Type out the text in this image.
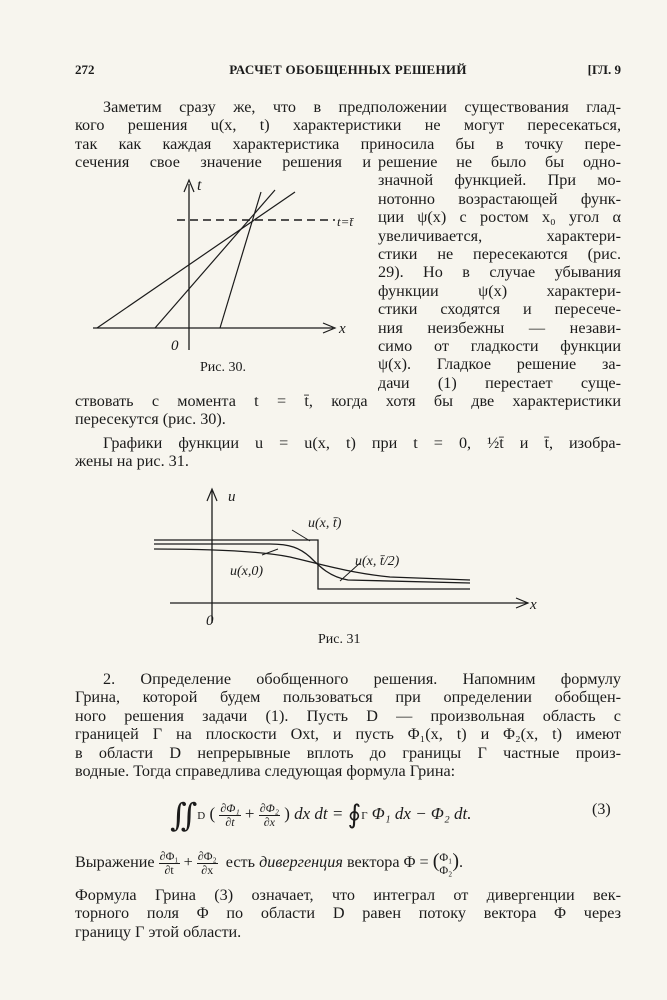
272	РАСЧЕТ ОБОБЩЕННЫХ РЕШЕНИЙ	[ГЛ. 9
Заметим сразу же, что в предположении существования глад-
кого решения u(x, t) характеристики не могут пересекаться,
так как каждая характеристика приносила бы в точку пере-
сечения свое значение решения и решение не было бы одно-
значной функцией. При мо-
нотонно возрастающей функ-
ции ψ(x) с ростом x₀ угол α
увеличивается, характери-
стики не пересекаются (рис.
29). Но в случае убывания
функции ψ(x) характери-
стики сходятся и пересече-
ния неизбежны — незави-
симо от гладкости функции
ψ(x). Гладкое решение за-
дачи (1) перестает суще-
ствовать с момента t = t̄, когда хотя бы две характеристики
пересекутся (рис. 30).
t
t=t̄
0
x
Рис. 30.
Графики функции u = u(x, t) при t = 0, ½t̄ и t̄, изобра-
жены на рис. 31.
u
u(x, t̄)
u(x, t̄/2)
u(x,0)
0
x
Рис. 31
2. Определение обобщенного решения. Напомним формулу
Грина, которой будем пользоваться при определении обобщен-
ного решения задачи (1). Пусть D — произвольная область с
границей Γ на плоскости Oxt, и пусть Φ₁(x, t) и Φ₂(x, t) имеют
в области D непрерывные вплоть до границы Γ частные произ-
водные. Тогда справедлива следующая формула Грина:
∬D ( $\frac{\text{∂Φ₁}}{\partial t} + \frac{\text{∂Φ₂}}{\partial x}$ ) dx dt = ∮Γ Φ₁ dx − Φ₂ dt.	(3)
Выражение $\frac{\text{∂Φ₁}}{\partial t} + \frac{\text{∂Φ₂}}{\partial x}$ есть дивергенция вектора Φ = ( Φ₁
Φ₂ ).
Формула Грина (3) означает, что интеграл от дивергенции век-
торного поля Φ по области D равен потоку вектора Φ через
границу Γ этой области.
